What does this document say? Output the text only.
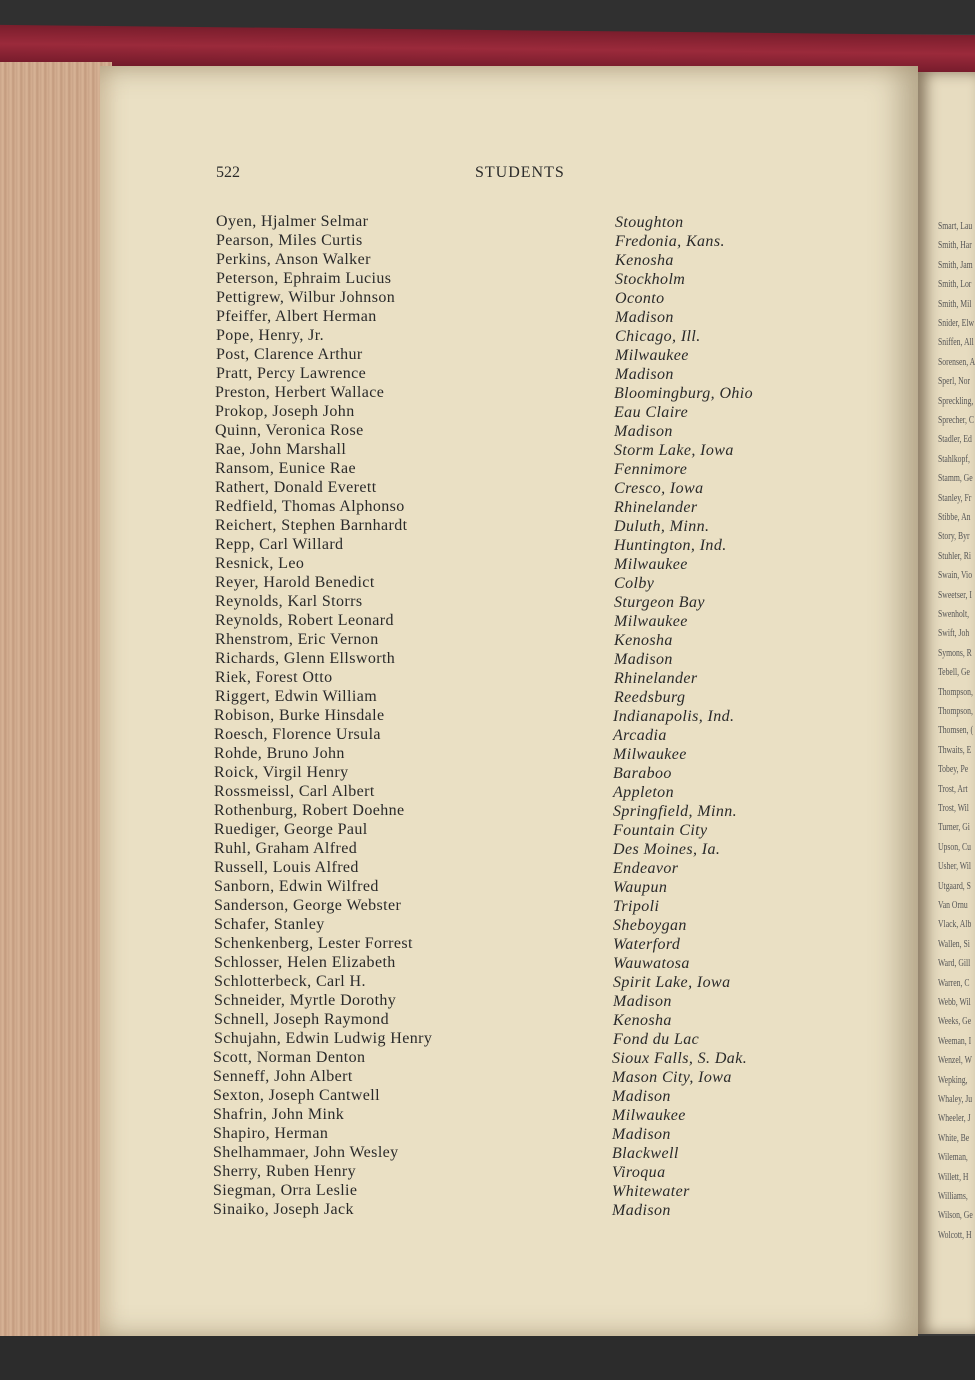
Smart, Lau
Smith, Har
Smith, Jam
Smith, Lor
Smith, Mil
Snider, Elw
Sniffen, All
Sorensen, A
Sperl, Nor
Spreckling,
Sprecher, C
Stadler, Ed
Stahlkopf,
Stamm, Ge
Stanley, Fr
Stibbe, An
Story, Byr
Stuhler, Ri
Swain, Vio
Sweetser, I
Swenholt,
Swift, Joh
Symons, R
Tebell, Ge
Thompson,
Thompson,
Thomsen, (
Thwaits, E
Tobey, Pe
Trost, Art
Trost, Wil
Turner, Gi
Upson, Cu
Usher, Wil
Utgaard, S
Van Ornu
Vlack, Alb
Wallen, Si
Ward, Gill
Warren, C
Webb, Wil
Weeks, Ge
Weeman, I
Wenzel, W
Wepking,
Whaley, Ju
Wheeler, J
White, Be
Wileman,
Willett, H
Williams,
Wilson, Ge
Wolcott, H
522	STUDENTS
Oyen, Hjalmer Selmar	Stoughton
Pearson, Miles Curtis	Fredonia, Kans.
Perkins, Anson Walker	Kenosha
Peterson, Ephraim Lucius	Stockholm
Pettigrew, Wilbur Johnson	Oconto
Pfeiffer, Albert Herman	Madison
Pope, Henry, Jr.	Chicago, Ill.
Post, Clarence Arthur	Milwaukee
Pratt, Percy Lawrence	Madison
Preston, Herbert Wallace	Bloomingburg, Ohio
Prokop, Joseph John	Eau Claire
Quinn, Veronica Rose	Madison
Rae, John Marshall	Storm Lake, Iowa
Ransom, Eunice Rae	Fennimore
Rathert, Donald Everett	Cresco, Iowa
Redfield, Thomas Alphonso	Rhinelander
Reichert, Stephen Barnhardt	Duluth, Minn.
Repp, Carl Willard	Huntington, Ind.
Resnick, Leo	Milwaukee
Reyer, Harold Benedict	Colby
Reynolds, Karl Storrs	Sturgeon Bay
Reynolds, Robert Leonard	Milwaukee
Rhenstrom, Eric Vernon	Kenosha
Richards, Glenn Ellsworth	Madison
Riek, Forest Otto	Rhinelander
Riggert, Edwin William	Reedsburg
Robison, Burke Hinsdale	Indianapolis, Ind.
Roesch, Florence Ursula	Arcadia
Rohde, Bruno John	Milwaukee
Roick, Virgil Henry	Baraboo
Rossmeissl, Carl Albert	Appleton
Rothenburg, Robert Doehne	Springfield, Minn.
Ruediger, George Paul	Fountain City
Ruhl, Graham Alfred	Des Moines, Ia.
Russell, Louis Alfred	Endeavor
Sanborn, Edwin Wilfred	Waupun
Sanderson, George Webster	Tripoli
Schafer, Stanley	Sheboygan
Schenkenberg, Lester Forrest	Waterford
Schlosser, Helen Elizabeth	Wauwatosa
Schlotterbeck, Carl H.	Spirit Lake, Iowa
Schneider, Myrtle Dorothy	Madison
Schnell, Joseph Raymond	Kenosha
Schujahn, Edwin Ludwig Henry	Fond du Lac
Scott, Norman Denton	Sioux Falls, S. Dak.
Senneff, John Albert	Mason City, Iowa
Sexton, Joseph Cantwell	Madison
Shafrin, John Mink	Milwaukee
Shapiro, Herman	Madison
Shelhammaer, John Wesley	Blackwell
Sherry, Ruben Henry	Viroqua
Siegman, Orra Leslie	Whitewater
Sinaiko, Joseph Jack	Madison
